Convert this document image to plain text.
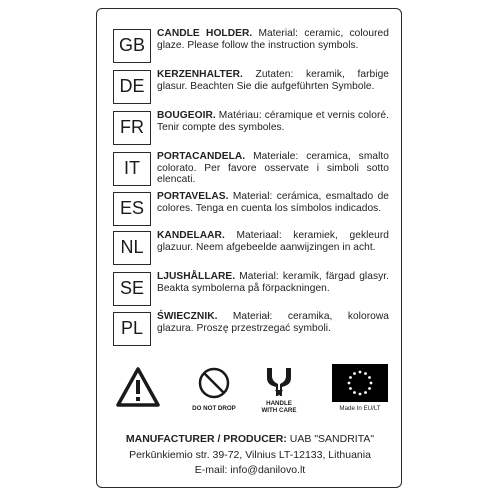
GB
CANDLE HOLDER. Material: ceramic, coloured glaze. Please follow the instruction symbols.
DE
KERZENHALTER. Zutaten: keramik, farbige glasur. Beachten Sie die aufgeführten Symbole.
FR
BOUGEOIR. Matériau: céramique et vernis coloré. Tenir compte des symboles.
IT
PORTACANDELA. Materiale: ceramica, smalto colorato. Per favore osservate i simboli sotto elencati.
ES
PORTAVELAS. Material: cerámica, esmaltado de colores. Tenga en cuenta los símbolos indicados.
NL
KANDELAAR. Materiaal: keramiek, gekleurd glazuur. Neem afgebeelde aanwijzingen in acht.
SE
LJUSHÅLLARE. Material: keramik, färgad glasyr. Beakta symbolerna på förpackningen.
PL
ŚWIECZNIK. Materiał: ceramika, kolorowa glazura. Proszę przestrzegać symboli.
DO NOT DROP
HANDLE
WITH CARE	Made In EU/LT
MANUFACTURER / PRODUCER: UAB "SANDRITA"
Perkūnkiemio str. 39-72, Vilnius LT-12133, Lithuania
E-mail: info@danilovo.lt
